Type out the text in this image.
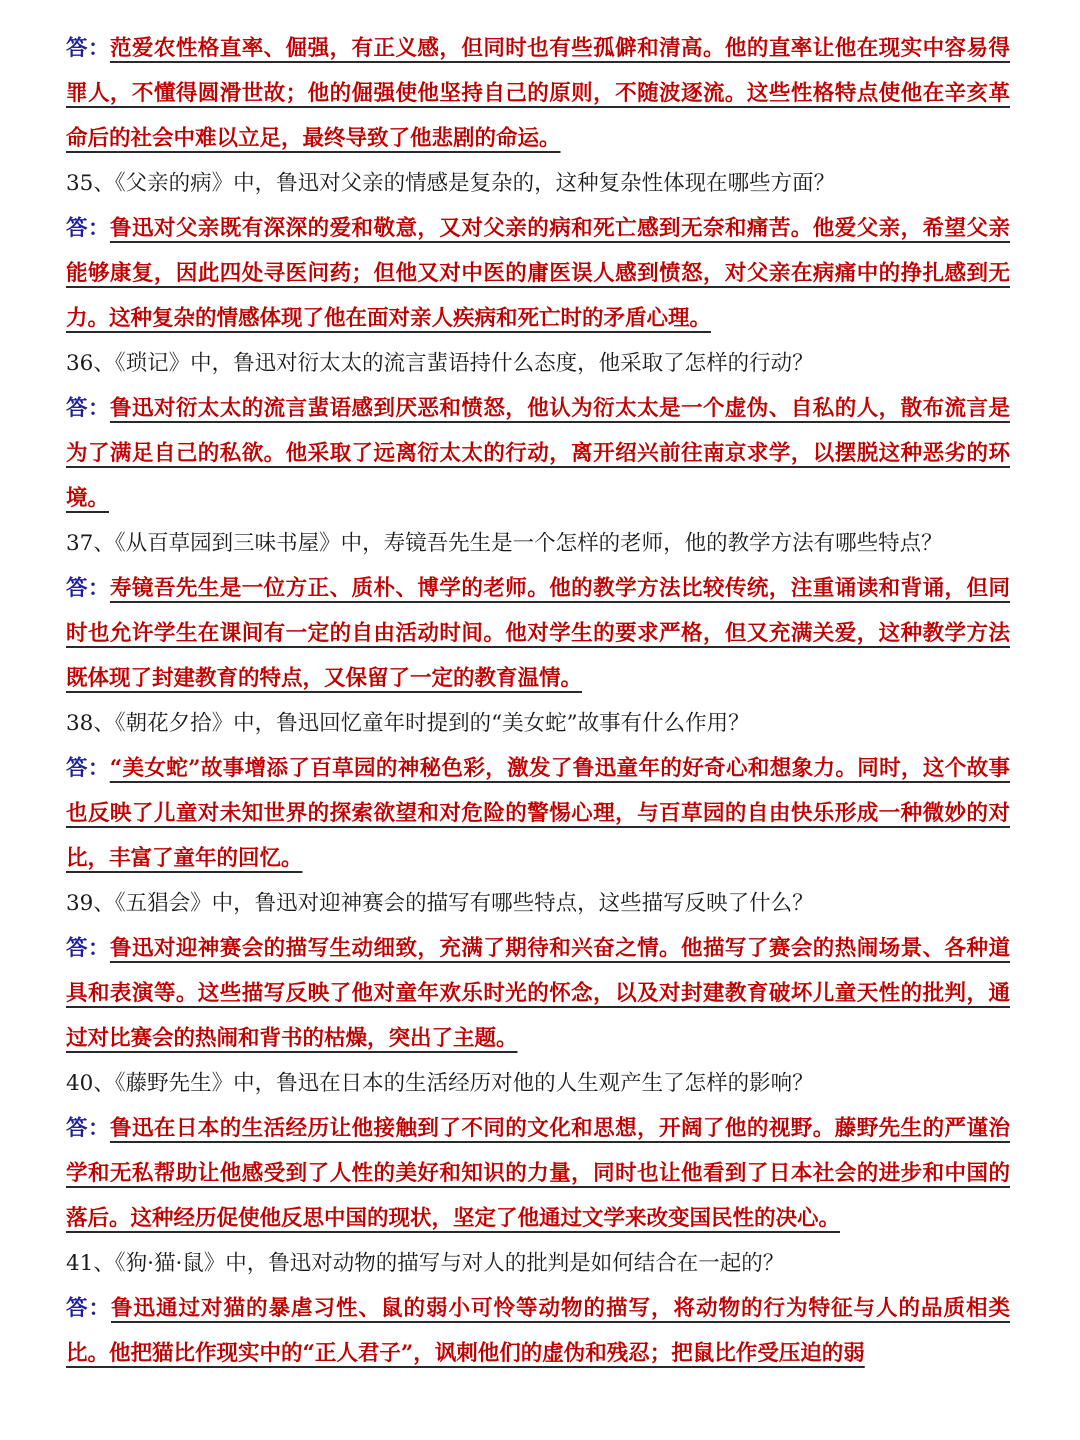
答：范爱农性格直率、倔强，有正义感，但同时也有些孤僻和清高。他的直率让他在现实中容易得罪人，不懂得圆滑世故；他的倔强使他坚持自己的原则，不随波逐流。这些性格特点使他在辛亥革命后的社会中难以立足，最终导致了他悲剧的命运。

35、《父亲的病》中，鲁迅对父亲的情感是复杂的，这种复杂性体现在哪些方面？

答：鲁迅对父亲既有深深的爱和敬意，又对父亲的病和死亡感到无奈和痛苦。他爱父亲，希望父亲能够康复，因此四处寻医问药；但他又对中医的庸医误人感到愤怒，对父亲在病痛中的挣扎感到无力。这种复杂的情感体现了他在面对亲人疾病和死亡时的矛盾心理。

36、《琐记》中，鲁迅对衍太太的流言蜚语持什么态度，他采取了怎样的行动？

答：鲁迅对衍太太的流言蜚语感到厌恶和愤怒，他认为衍太太是一个虚伪、自私的人，散布流言是为了满足自己的私欲。他采取了远离衍太太的行动，离开绍兴前往南京求学，以摆脱这种恶劣的环境。

37、《从百草园到三味书屋》中，寿镜吾先生是一个怎样的老师，他的教学方法有哪些特点？

答：寿镜吾先生是一位方正、质朴、博学的老师。他的教学方法比较传统，注重诵读和背诵，但同时也允许学生在课间有一定的自由活动时间。他对学生的要求严格，但又充满关爱，这种教学方法既体现了封建教育的特点，又保留了一定的教育温情。

38、《朝花夕拾》中，鲁迅回忆童年时提到的“美女蛇”故事有什么作用？

答：“美女蛇”故事增添了百草园的神秘色彩，激发了鲁迅童年的好奇心和想象力。同时，这个故事也反映了儿童对未知世界的探索欲望和对危险的警惕心理，与百草园的自由快乐形成一种微妙的对比，丰富了童年的回忆。

39、《五猖会》中，鲁迅对迎神赛会的描写有哪些特点，这些描写反映了什么？

答：鲁迅对迎神赛会的描写生动细致，充满了期待和兴奋之情。他描写了赛会的热闹场景、各种道具和表演等。这些描写反映了他对童年欢乐时光的怀念，以及对封建教育破坏儿童天性的批判，通过对比赛会的热闹和背书的枯燥，突出了主题。

40、《藤野先生》中，鲁迅在日本的生活经历对他的人生观产生了怎样的影响？

答：鲁迅在日本的生活经历让他接触到了不同的文化和思想，开阔了他的视野。藤野先生的严谨治学和无私帮助让他感受到了人性的美好和知识的力量，同时也让他看到了日本社会的进步和中国的落后。这种经历促使他反思中国的现状，坚定了他通过文学来改变国民性的决心。

41、《狗·猫·鼠》中，鲁迅对动物的描写与对人的批判是如何结合在一起的？

答：鲁迅通过对猫的暴虐习性、鼠的弱小可怜等动物的描写，将动物的行为特征与人的品质相类比。他把猫比作现实中的“正人君子”，讽刺他们的虚伪和残忍；把鼠比作受压迫的弱
